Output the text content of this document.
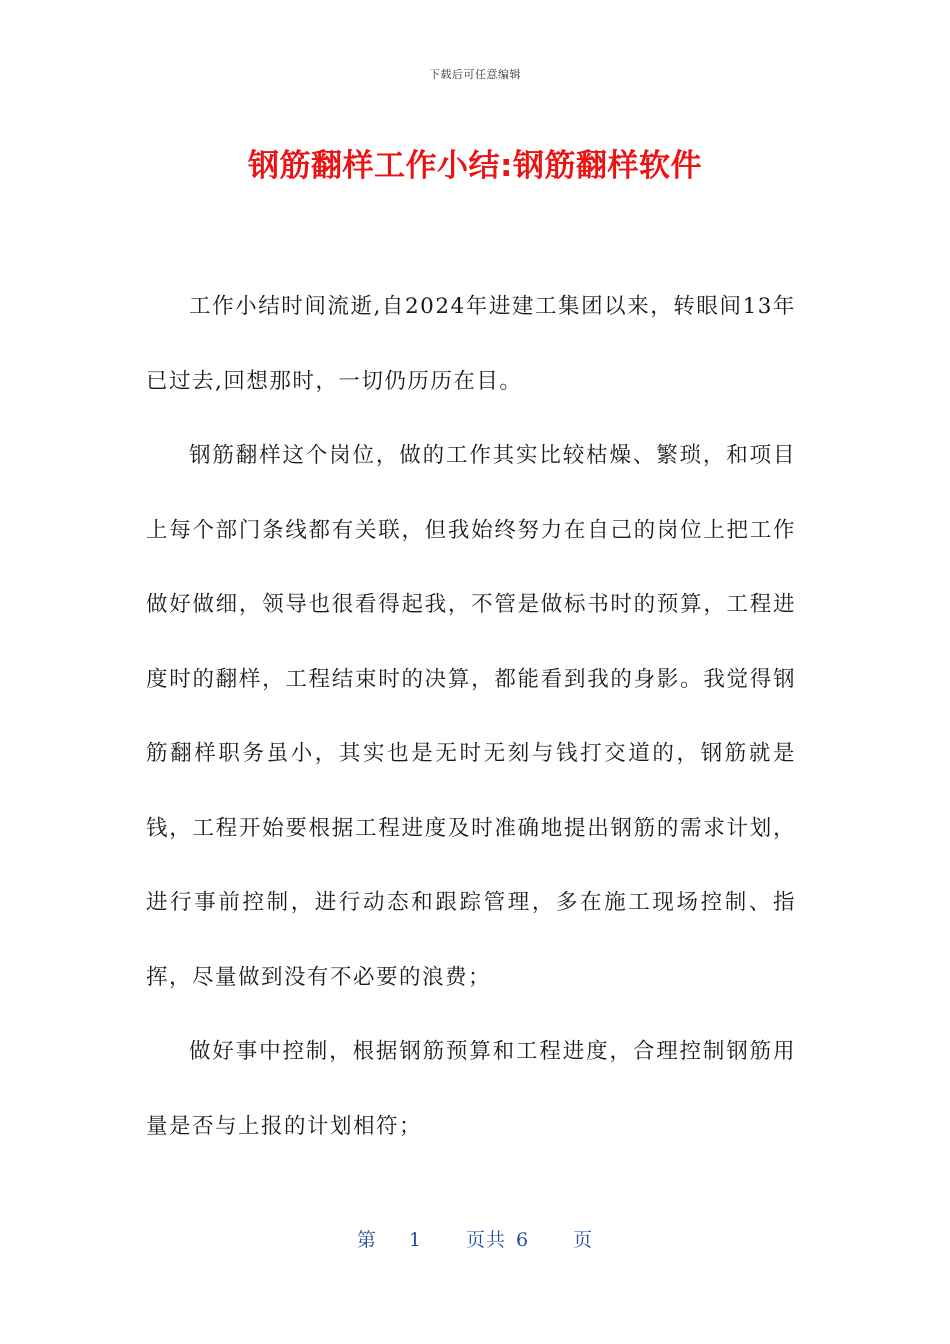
下载后可任意编辑
钢筋翻样工作小结:钢筋翻样软件

工作小结时间流逝,自2024年进建工集团以来，转眼间13年已过去,回想那时，一切仍历历在目。

钢筋翻样这个岗位，做的工作其实比较枯燥、繁琐，和项目上每个部门条线都有关联，但我始终努力在自己的岗位上把工作做好做细，领导也很看得起我，不管是做标书时的预算，工程进度时的翻样，工程结束时的决算，都能看到我的身影。我觉得钢筋翻样职务虽小，其实也是无时无刻与钱打交道的，钢筋就是钱，工程开始要根据工程进度及时准确地提出钢筋的需求计划，进行事前控制，进行动态和跟踪管理，多在施工现场控制、指挥，尽量做到没有不必要的浪费；

做好事中控制，根据钢筋预算和工程进度，合理控制钢筋用量是否与上报的计划相符；

第 1 页共 6 页
